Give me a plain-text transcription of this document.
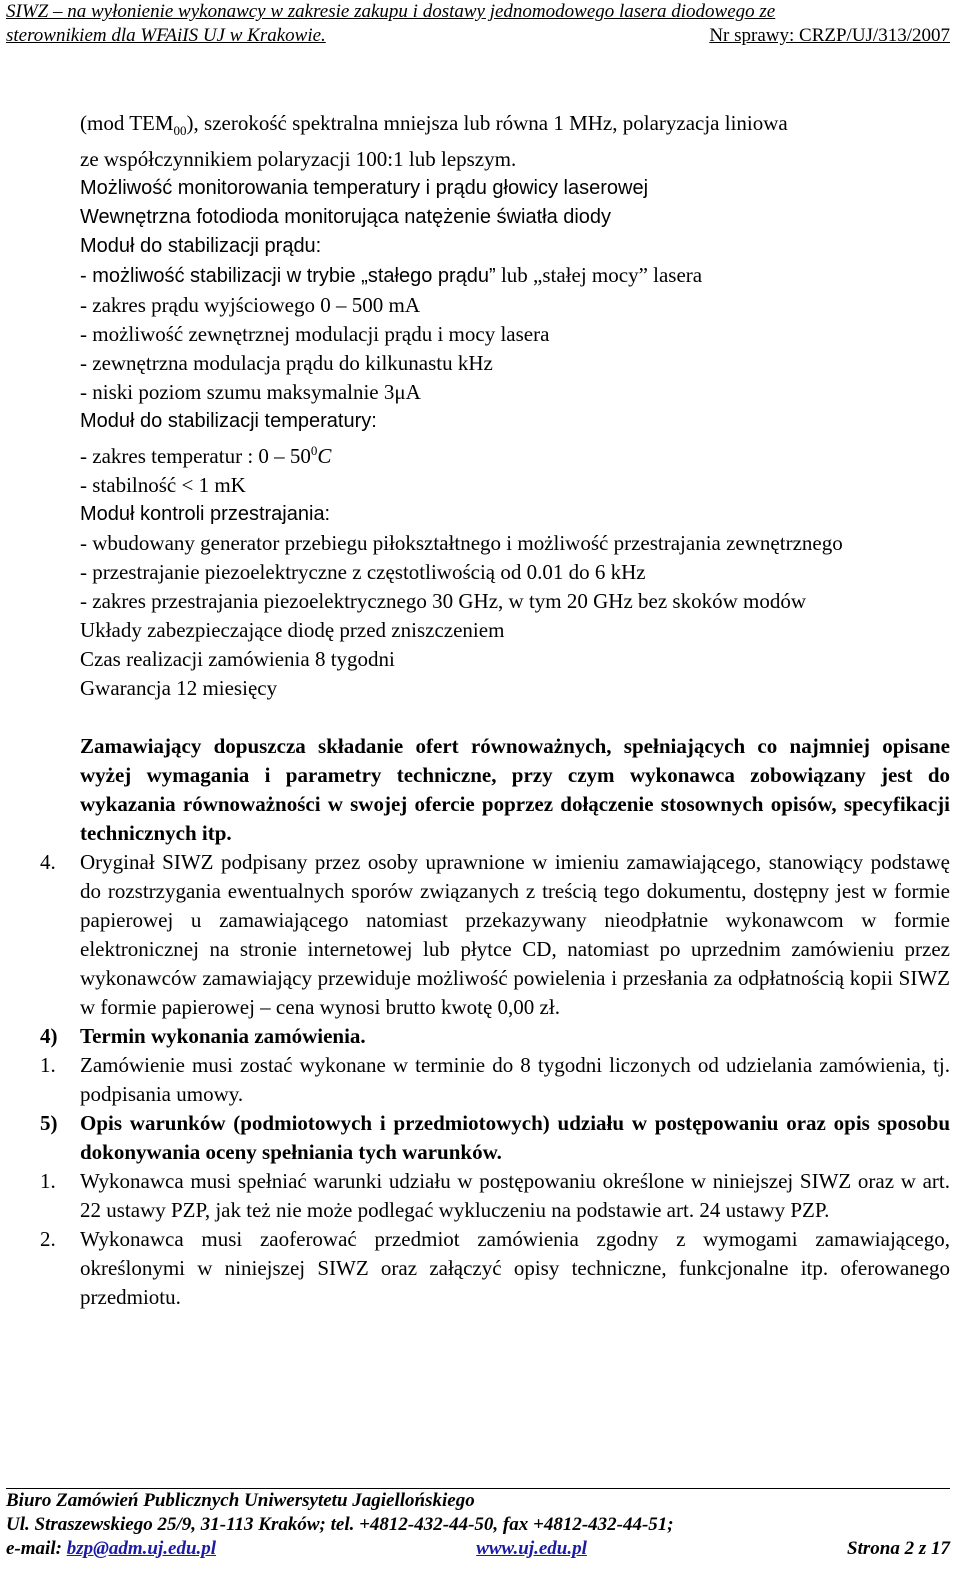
SIWZ – na wyłonienie wykonawcy w zakresie zakupu i dostawy jednomodowego lasera diodowego ze
sterownikiem dla WFAiIS UJ w Krakowie.	Nr sprawy: CRZP/UJ/313/2007
(mod $TEM_{00}$), szerokość spektralna mniejsza lub równa 1 MHz, polaryzacja liniowa
ze współczynnikiem polaryzacji 100:1 lub lepszym.
Możliwość monitorowania temperatury i prądu głowicy laserowej
Wewnętrzna fotodioda monitorująca natężenie światła diody
Moduł do stabilizacji prądu:
- możliwość stabilizacji w trybie „stałego prądu” lub „stałej mocy” lasera
- zakres prądu wyjściowego 0 – 500 mA
- możliwość zewnętrznej modulacji prądu i mocy lasera
- zewnętrzna modulacja prądu do kilkunastu kHz
- niski poziom szumu maksymalnie 3μA
Moduł do stabilizacji temperatury:
- zakres temperatur : $0 - 50^0C$
- stabilność < 1 mK
Moduł kontroli przestrajania:
- wbudowany generator przebiegu piłokształtnego i możliwość przestrajania zewnętrznego
- przestrajanie piezoelektryczne z częstotliwością od 0.01 do 6 kHz
- zakres przestrajania piezoelektrycznego 30 GHz, w tym 20 GHz bez skoków modów
Układy zabezpieczające diodę przed zniszczeniem
Czas realizacji zamówienia 8 tygodni
Gwarancja 12 miesięcy
Zamawiający dopuszcza składanie ofert równoważnych, spełniających co najmniej opisane wyżej wymagania i parametry techniczne, przy czym wykonawca zobowiązany jest do wykazania równoważności w swojej ofercie poprzez dołączenie stosownych opisów, specyfikacji technicznych itp.
4. Oryginał SIWZ podpisany przez osoby uprawnione w imieniu zamawiającego, stanowiący podstawę do rozstrzygania ewentualnych sporów związanych z treścią tego dokumentu, dostępny jest w formie papierowej u zamawiającego natomiast przekazywany nieodpłatnie wykonawcom w formie elektronicznej na stronie internetowej lub płytce CD, natomiast po uprzednim zamówieniu przez wykonawców zamawiający przewiduje możliwość powielenia i przesłania za odpłatnością kopii SIWZ w formie papierowej – cena wynosi brutto kwotę 0,00 zł.
4) Termin wykonania zamówienia.
1. Zamówienie musi zostać wykonane w terminie do 8 tygodni liczonych od udzielania zamówienia, tj. podpisania umowy.
5) Opis warunków (podmiotowych i przedmiotowych) udziału w postępowaniu oraz opis sposobu dokonywania oceny spełniania tych warunków.
1. Wykonawca musi spełniać warunki udziału w postępowaniu określone w niniejszej SIWZ oraz w art. 22 ustawy PZP, jak też nie może podlegać wykluczeniu na podstawie art. 24 ustawy PZP.
2. Wykonawca musi zaoferować przedmiot zamówienia zgodny z wymogami zamawiającego, określonymi w niniejszej SIWZ oraz załączyć opisy techniczne, funkcjonalne itp. oferowanego przedmiotu.
Biuro Zamówień Publicznych Uniwersytetu Jagiellońskiego
Ul. Straszewskiego 25/9, 31-113 Kraków; tel. +4812-432-44-50, fax +4812-432-44-51;
e-mail: bzp@adm.uj.edu.pl	www.uj.edu.pl	Strona 2 z 17
